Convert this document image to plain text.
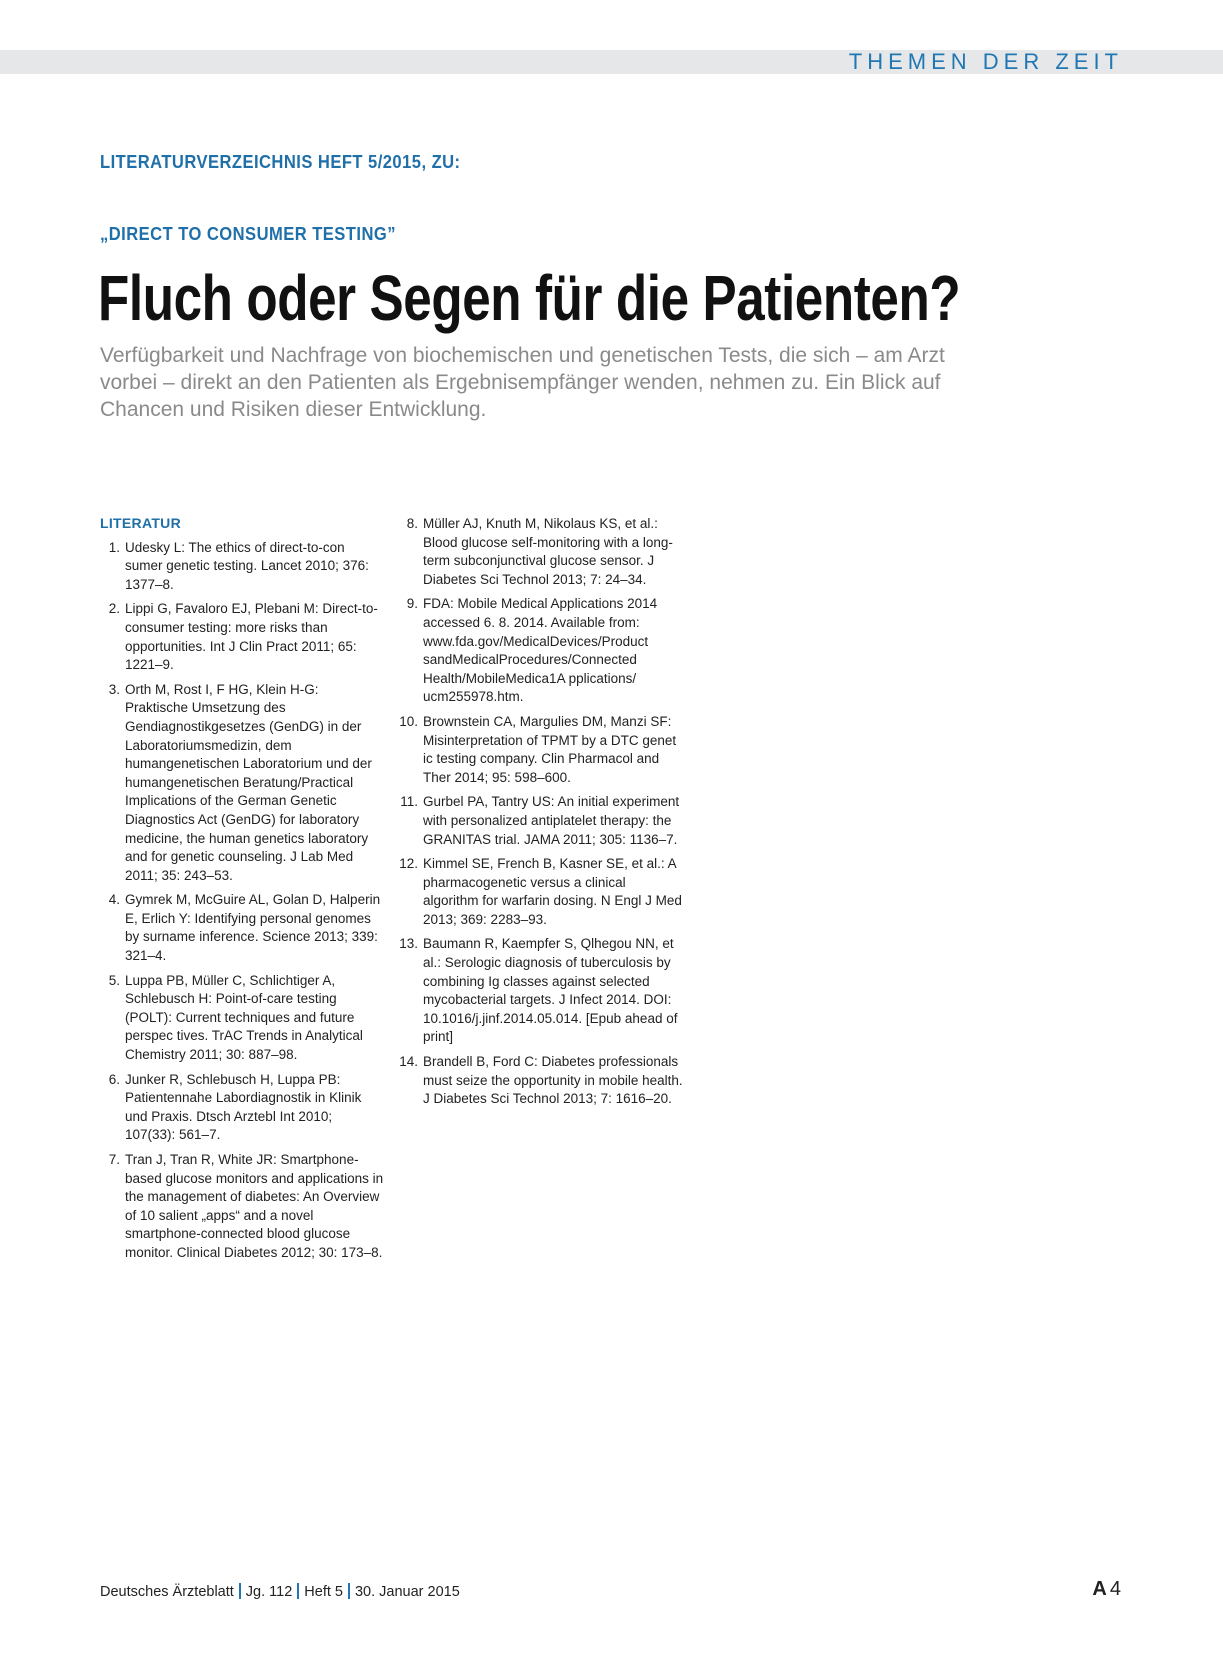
THEMEN DER ZEIT
LITERATURVERZEICHNIS HEFT 5/2015, ZU:
„DIRECT TO CONSUMER TESTING”
Fluch oder Segen für die Patienten?

Verfügbarkeit und Nachfrage von biochemischen und genetischen Tests, die sich – am Arzt vorbei – direkt an den Patienten als Ergebnisempfänger wenden, nehmen zu. Ein Blick auf Chancen und Risiken dieser Entwicklung.

LITERATUR
1. Udesky L: The ethics of direct-to-con sumer genetic testing. Lancet 2010; 376: 1377–8.
2. Lippi G, Favaloro EJ, Plebani M: Direct-to-consumer testing: more risks than opportunities. Int J Clin Pract 2011; 65: 1221–9.
3. Orth M, Rost I, F HG, Klein H-G: Praktische Umsetzung des Gendiagnostikgesetzes (GenDG) in der Laboratoriumsmedizin, dem humangenetischen Laboratorium und der humangenetischen Beratung/Practical Implications of the German Genetic Diagnostics Act (GenDG) for laboratory medicine, the human genetics laboratory and for genetic counseling. J Lab Med 2011; 35: 243–53.
4. Gymrek M, McGuire AL, Golan D, Halperin E, Erlich Y: Identifying personal genomes by surname inference. Science 2013; 339: 321–4.
5. Luppa PB, Müller C, Schlichtiger A, Schlebusch H: Point-of-care testing (POLT): Current techniques and future perspec tives. TrAC Trends in Analytical Chemistry 2011; 30: 887–98.
6. Junker R, Schlebusch H, Luppa PB: Patientennahe Labordiagnostik in Klinik und Praxis. Dtsch Arztebl Int 2010; 107(33): 561–7.
7. Tran J, Tran R, White JR: Smartphone-based glucose monitors and applications in the management of diabetes: An Overview of 10 salient „apps“ and a novel smartphone-connected blood glucose monitor. Clinical Diabetes 2012; 30: 173–8.
8. Müller AJ, Knuth M, Nikolaus KS, et al.: Blood glucose self-monitoring with a long-term subconjunctival glucose sensor. J Diabetes Sci Technol 2013; 7: 24–34.
9. FDA: Mobile Medical Applications 2014 accessed 6. 8. 2014. Available from: www.fda.gov/MedicalDevices/Product sandMedicalProcedures/Connected Health/MobileMedica1A pplications/ ucm255978.htm.
10. Brownstein CA, Margulies DM, Manzi SF: Misinterpretation of TPMT by a DTC genet ic testing company. Clin Pharmacol and Ther 2014; 95: 598–600.
11. Gurbel PA, Tantry US: An initial experiment with personalized antiplatelet therapy: the GRANITAS trial. JAMA 2011; 305: 1136–7.
12. Kimmel SE, French B, Kasner SE, et al.: A pharmacogenetic versus a clinical algorithm for warfarin dosing. N Engl J Med 2013; 369: 2283–93.
13. Baumann R, Kaempfer S, Qlhegou NN, et al.: Serologic diagnosis of tuberculosis by combining Ig classes against selected mycobacterial targets. J Infect 2014. DOI: 10.1016/j.jinf.2014.05.014. [Epub ahead of print]
14. Brandell B, Ford C: Diabetes professionals must seize the opportunity in mobile health. J Diabetes Sci Technol 2013; 7: 1616–20.
Deutsches Ärzteblatt Jg. 112 Heft 5 30. Januar 2015	A 4
